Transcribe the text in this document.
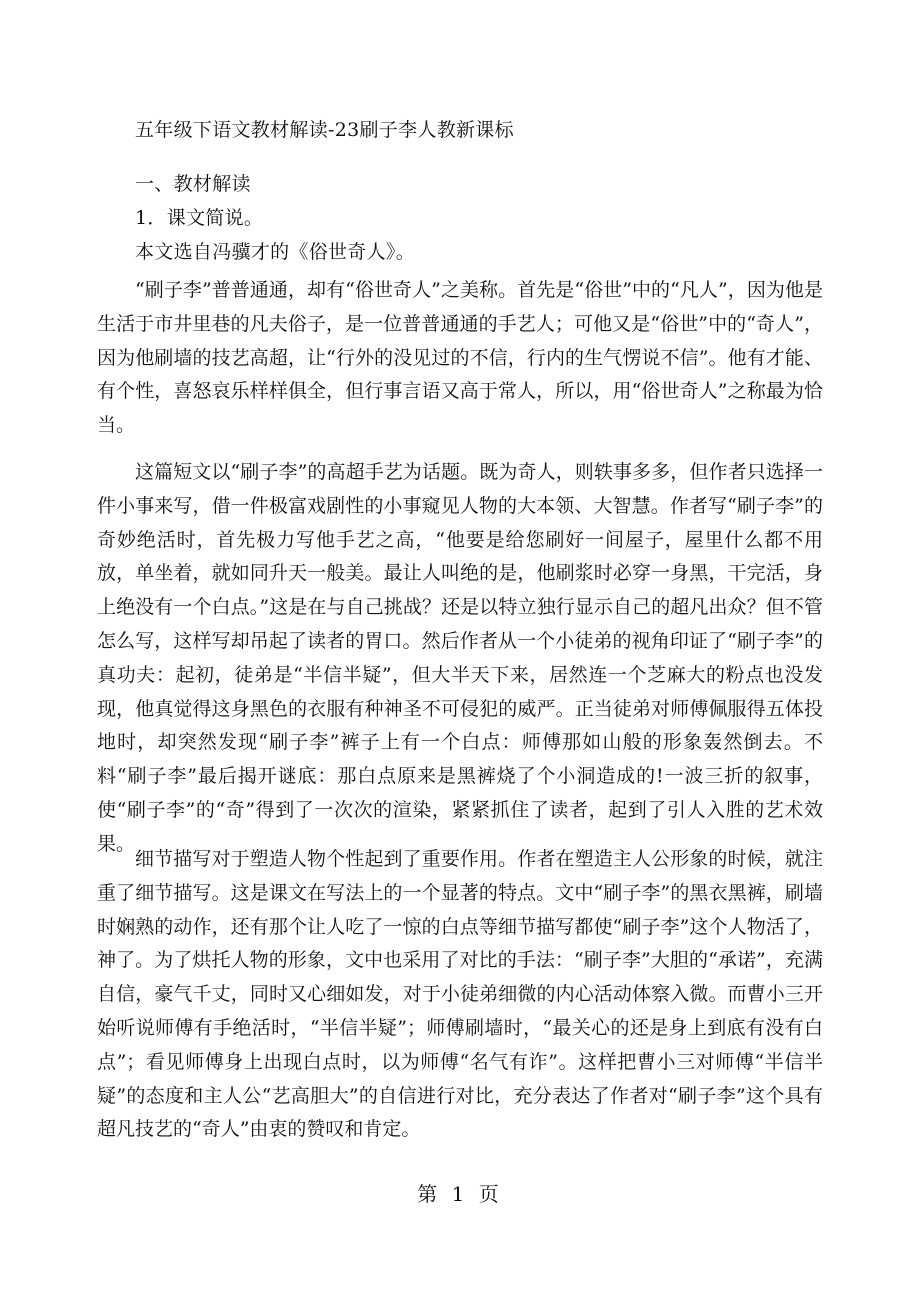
五年级下语文教材解读-23刷子李人教新课标
一、教材解读
1．课文简说。
本文选自冯骥才的《俗世奇人》。

“刷子李”普普通通，却有“俗世奇人”之美称。首先是“俗世”中的“凡人”，因为他是生活于市井里巷的凡夫俗子，是一位普普通通的手艺人；可他又是“俗世”中的“奇人”，因为他刷墙的技艺高超，让“行外的没见过的不信，行内的生气愣说不信”。他有才能、有个性，喜怒哀乐样样俱全，但行事言语又高于常人，所以，用“俗世奇人”之称最为恰当。

这篇短文以“刷子李”的高超手艺为话题。既为奇人，则轶事多多，但作者只选择一件小事来写，借一件极富戏剧性的小事窥见人物的大本领、大智慧。作者写“刷子李”的奇妙绝活时，首先极力写他手艺之高，“他要是给您刷好一间屋子，屋里什么都不用放，单坐着，就如同升天一般美。最让人叫绝的是，他刷浆时必穿一身黑，干完活，身上绝没有一个白点。”这是在与自己挑战？还是以特立独行显示自己的超凡出众？但不管怎么写，这样写却吊起了读者的胃口。然后作者从一个小徒弟的视角印证了“刷子李”的真功夫：起初，徒弟是“半信半疑”，但大半天下来，居然连一个芝麻大的粉点也没发现，他真觉得这身黑色的衣服有种神圣不可侵犯的威严。正当徒弟对师傅佩服得五体投地时，却突然发现“刷子李”裤子上有一个白点：师傅那如山般的形象轰然倒去。不料“刷子李”最后揭开谜底：那白点原来是黑裤烧了个小洞造成的!一波三折的叙事，使“刷子李”的“奇”得到了一次次的渲染，紧紧抓住了读者，起到了引人入胜的艺术效果。

细节描写对于塑造人物个性起到了重要作用。作者在塑造主人公形象的时候，就注重了细节描写。这是课文在写法上的一个显著的特点。文中“刷子李”的黑衣黑裤，刷墙时娴熟的动作，还有那个让人吃了一惊的白点等细节描写都使“刷子李”这个人物活了，神了。为了烘托人物的形象，文中也采用了对比的手法：“刷子李”大胆的“承诺”，充满自信，豪气千丈，同时又心细如发，对于小徒弟细微的内心活动体察入微。而曹小三开始听说师傅有手绝活时，“半信半疑”；师傅刷墙时，“最关心的还是身上到底有没有白点”；看见师傅身上出现白点时，以为师傅“名气有诈”。这样把曹小三对师傅“半信半疑”的态度和主人公“艺高胆大”的自信进行对比，充分表达了作者对“刷子李”这个具有超凡技艺的“奇人”由衷的赞叹和肯定。

第 1 页
